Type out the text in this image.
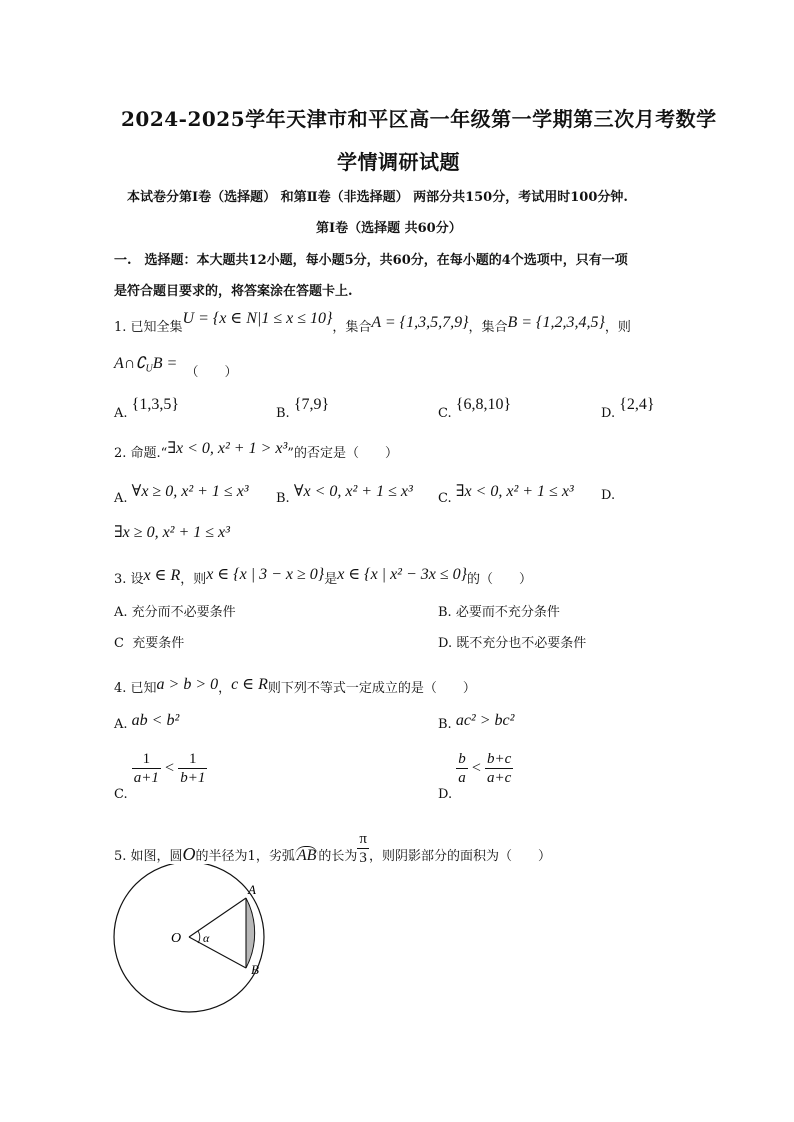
2024-2025学年天津市和平区高一年级第一学期第三次月考数学
学情调研试题
本试卷分第Ⅰ卷（选择题） 和第Ⅱ卷（非选择题） 两部分共150分，考试用时100分钟.
第Ⅰ卷（选择题 共60分）
一.　选择题：本大题共12小题，每小题5分，共60分，在每小题的4个选项中，只有一项
是符合题目要求的，将答案涂在答题卡上.
1. 已知全集U = {x ∈ N|1 ≤ x ≤ 10}，集合A = {1,3,5,7,9}，集合B = {1,2,3,4,5}，则
$A\cap∁_UB$ = （　　）
A. {1,3,5}
B. {7,9}
C. {6,8,10}
D. {2,4}
2. 命题.“∃x < 0, x² + 1 > x³”的否定是（　　）
A. ∀x ≥ 0, x² + 1 ≤ x³ B. ∀x < 0, x² + 1 ≤ x³ C. ∃x < 0, x² + 1 ≤ x³ D.
∃x ≥ 0, x² + 1 ≤ x³
3. 设x ∈ R，则x ∈ {x | 3 − x ≥ 0}是x ∈ {x | x² − 3x ≤ 0}的（　　）
A. 充分而不必要条件	B. 必要而不充分条件
C 充要条件	D. 既不充分也不必要条件
4. 已知a > b > 0，c ∈ R则下列不等式一定成立的是（　　）
A. ab < b²	B. ac² > bc²
C.
$\frac{1}{a+1} < \frac{1}{b+1}$
D.
$\frac{b}{a} < \frac{b+c}{a+c}$
5. 如图，圆O的半径为1，劣弧 AB 的长为 $\frac{\pi}{3}$ ，则阴影部分的面积为（　　）
O
A
B
α
